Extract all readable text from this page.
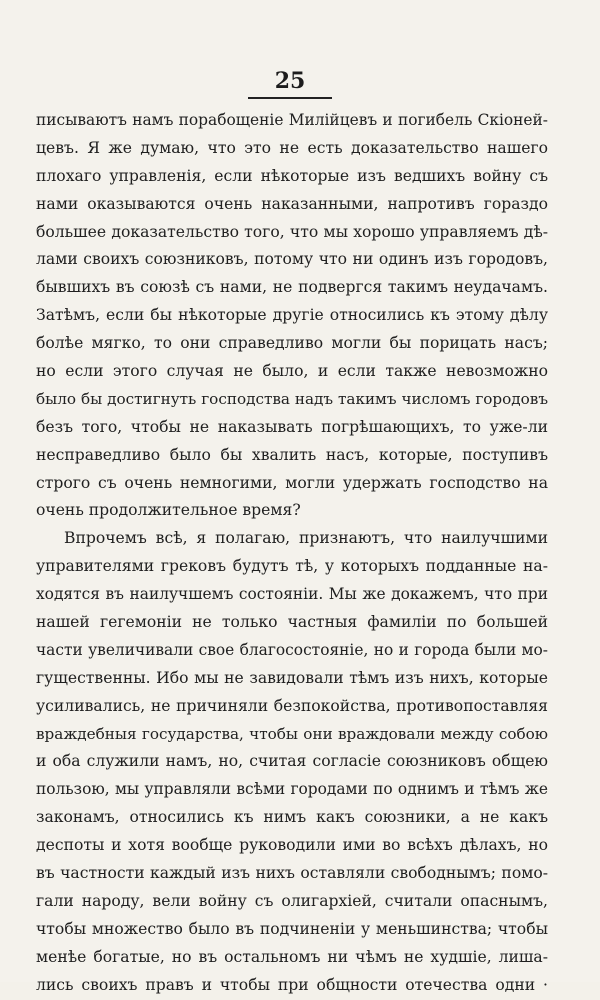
25

писываютъ намъ порабощеніе Милійцевъ и погибель Скіоней-
цевъ. Я же думаю, что это не есть доказательство нашего
плохаго управленія, если нѣкоторые изъ ведшихъ войну съ
нами оказываются очень наказанными, напротивъ гораздо
большее доказательство того, что мы хорошо управляемъ дѣ-
лами своихъ союзниковъ, потому что ни одинъ изъ городовъ,
бывшихъ въ союзѣ съ нами, не подвергся такимъ неудачамъ.
Затѣмъ, если бы нѣкоторые другіе относились къ этому дѣлу
болѣе мягко, то они справедливо могли бы порицать насъ;
но если этого случая не было, и если также невозможно
было бы достигнуть господства надъ такимъ числомъ городовъ
безъ того, чтобы не наказывать погрѣшающихъ, то уже-ли
несправедливо было бы хвалить насъ, которые, поступивъ
строго съ очень немногими, могли удержать господство на
очень продолжительное время?

Впрочемъ всѣ, я полагаю, признаютъ, что наилучшими
управителями грековъ будутъ тѣ, у которыхъ подданные на-
ходятся въ наилучшемъ состояніи. Мы же докажемъ, что при
нашей гегемоніи не только частныя фамиліи по большей
части увеличивали свое благосостояніе, но и города были мо-
гущественны. Ибо мы не завидовали тѣмъ изъ нихъ, которые
усиливались, не причиняли безпокойства, противопоставляя
враждебныя государства, чтобы они враждовали между собою
и оба служили намъ, но, считая согласіе союзниковъ общею
пользою, мы управляли всѣми городами по однимъ и тѣмъ же
законамъ, относились къ нимъ какъ союзники, а не какъ
деспоты и хотя вообще руководили ими во всѣхъ дѣлахъ, но
въ частности каждый изъ нихъ оставляли свободнымъ; помо-
гали народу, вели войну съ олигархіей, считали опаснымъ,
чтобы множество было въ подчиненіи у меньшинства; чтобы
менѣе богатые, но въ остальномъ ни чѣмъ не худшіе, лиша-
лись своихъ правъ и чтобы при общности отечества одни ·
